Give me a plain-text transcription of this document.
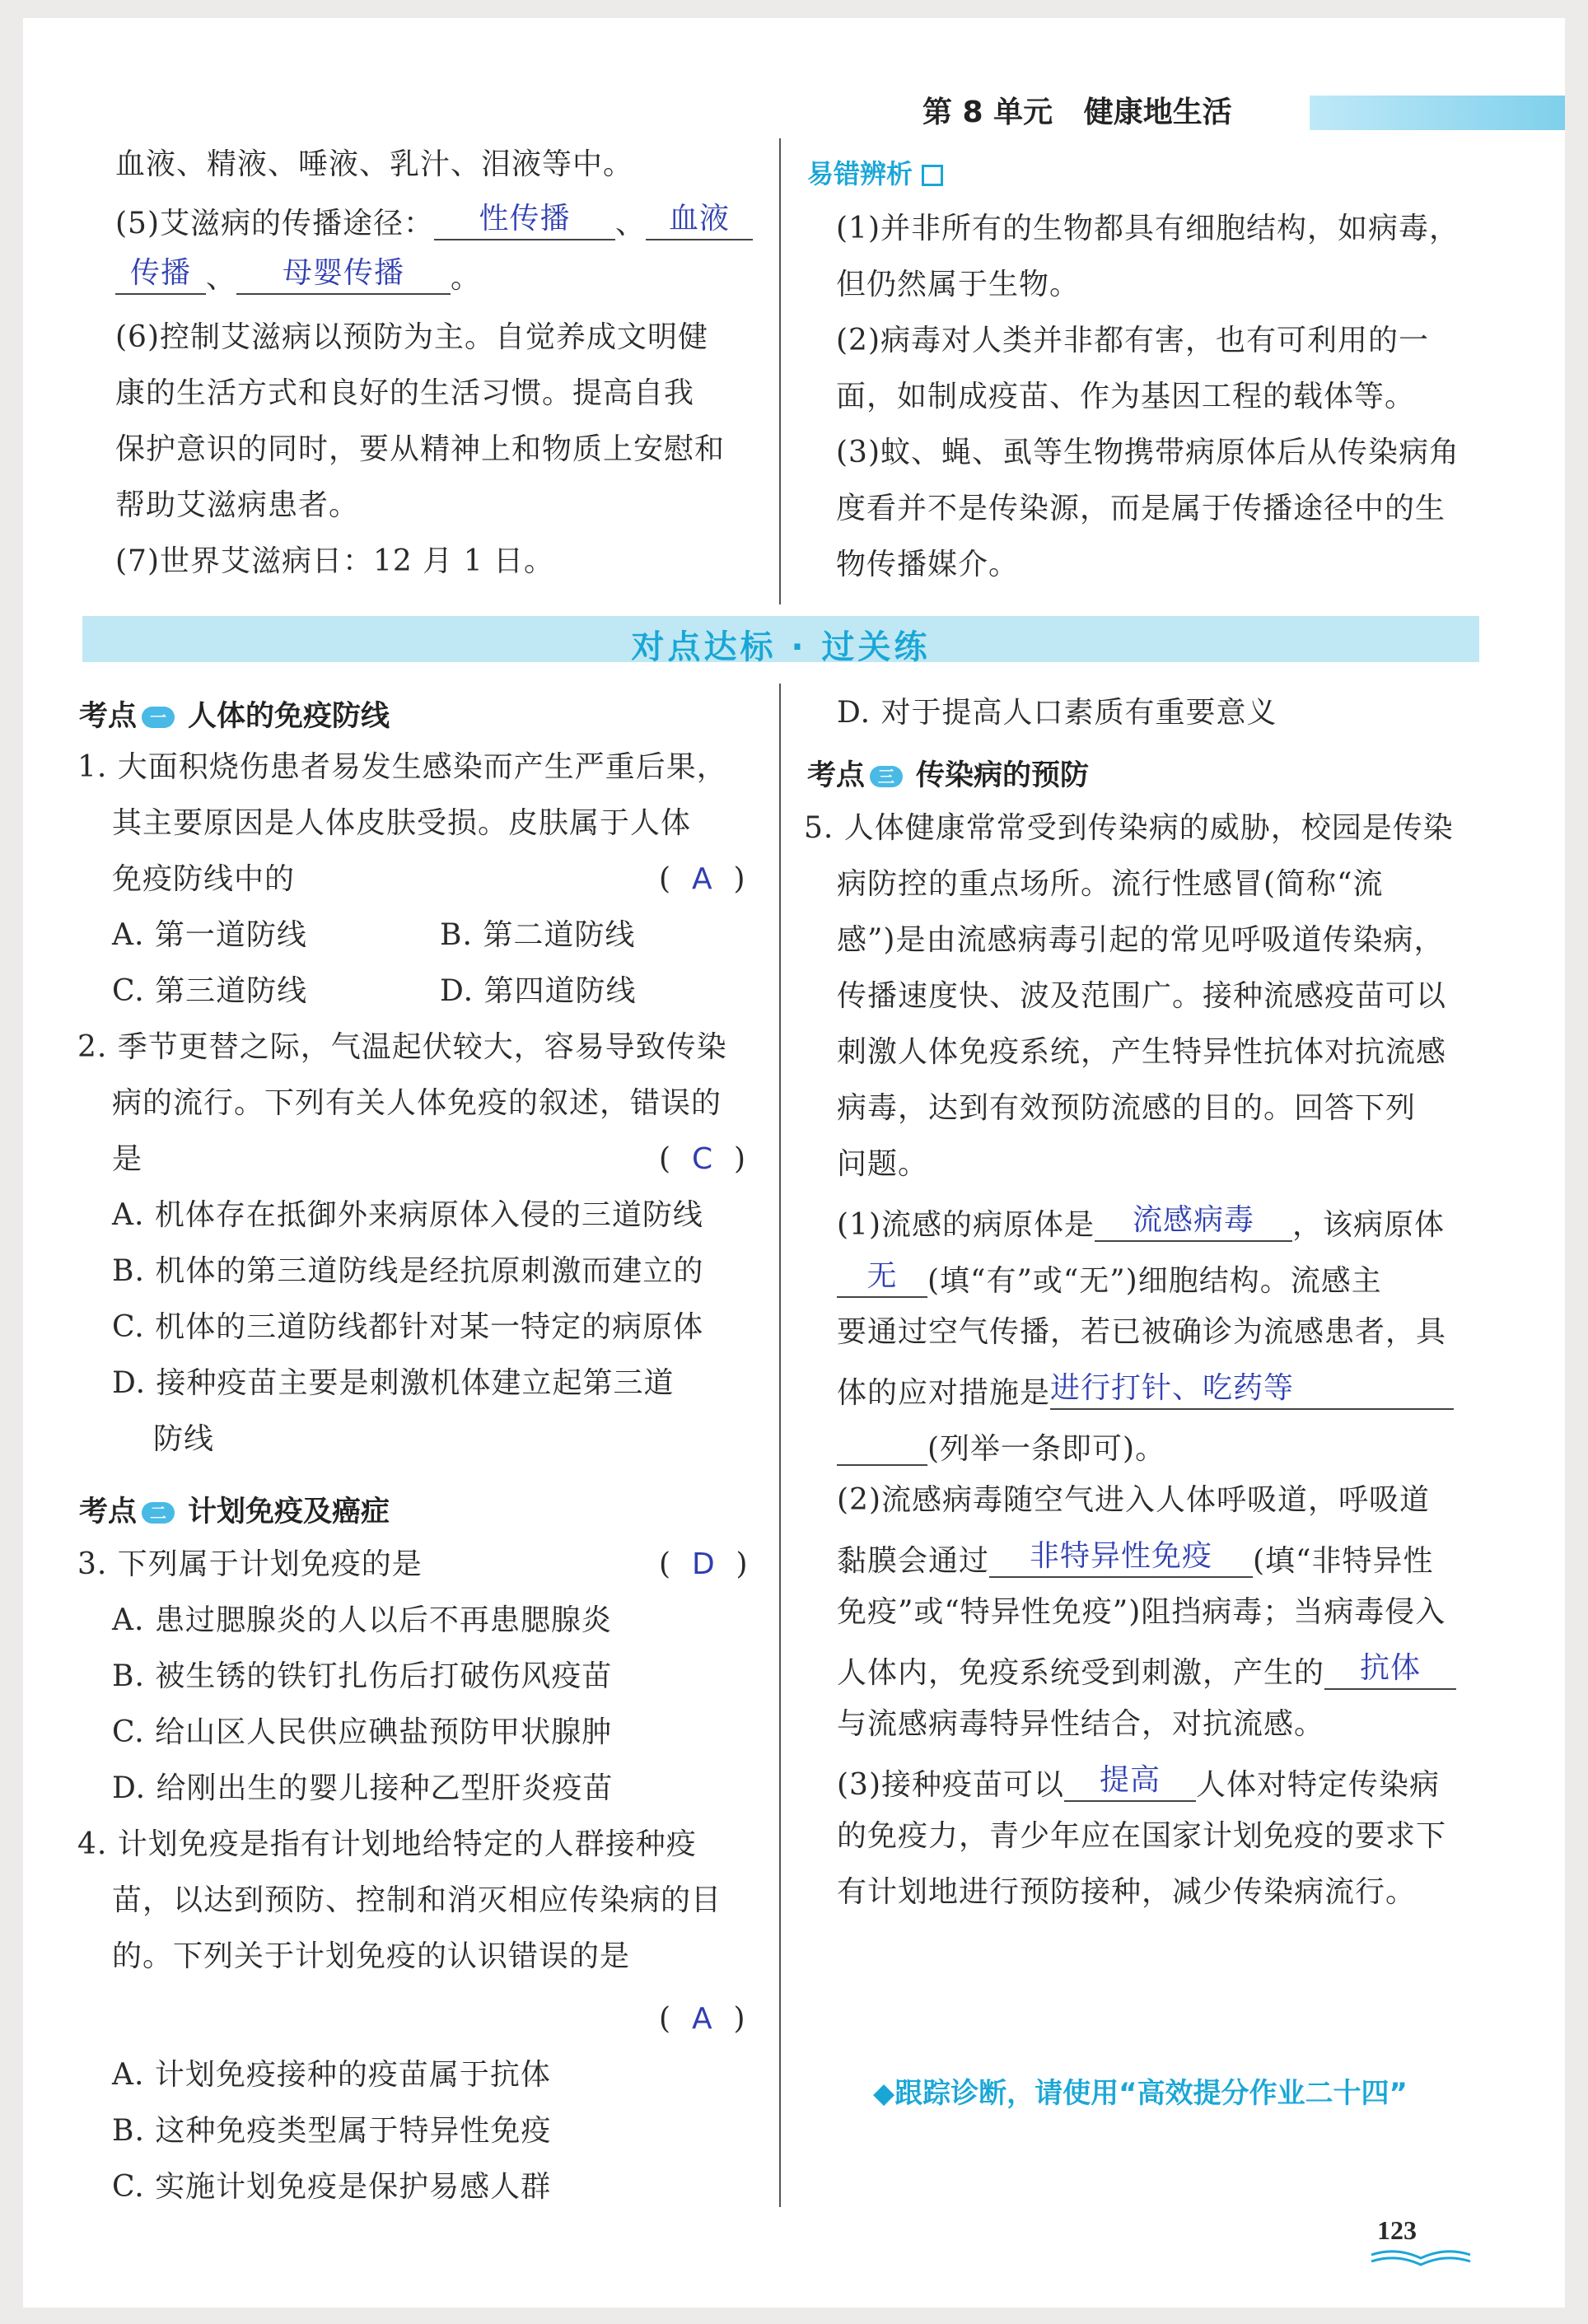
第 8 单元 健康地生活
血液、精液、唾液、乳汁、泪液等中。
(5)艾滋病的传播途径： 性传播 、 血液
传播 、 母婴传播 。
(6)控制艾滋病以预防为主。自觉养成文明健
康的生活方式和良好的生活习惯。提高自我
保护意识的同时，要从精神上和物质上安慰和
帮助艾滋病患者。
(7)世界艾滋病日：12 月 1 日。
易错辨析
(1)并非所有的生物都具有细胞结构，如病毒，
但仍然属于生物。
(2)病毒对人类并非都有害，也有可利用的一
面，如制成疫苗、作为基因工程的载体等。
(3)蚊、蝇、虱等生物携带病原体后从传染病角
度看并不是传染源，而是属于传播途径中的生
物传播媒介。
对点达标 · 过关练
考点 一 人体的免疫防线
1. 大面积烧伤患者易发生感染而产生严重后果，
其主要原因是人体皮肤受损。皮肤属于人体
免疫防线中的	(  A  )
A. 第一道防线	B. 第二道防线
C. 第三道防线	D. 第四道防线
2. 季节更替之际，气温起伏较大，容易导致传染
病的流行。下列有关人体免疫的叙述，错误的
是	(  C  )
A. 机体存在抵御外来病原体入侵的三道防线
B. 机体的第三道防线是经抗原刺激而建立的
C. 机体的三道防线都针对某一特定的病原体
D. 接种疫苗主要是刺激机体建立起第三道
防线
考点 二 计划免疫及癌症
3. 下列属于计划免疫的是	(  D  )
A. 患过腮腺炎的人以后不再患腮腺炎
B. 被生锈的铁钉扎伤后打破伤风疫苗
C. 给山区人民供应碘盐预防甲状腺肿
D. 给刚出生的婴儿接种乙型肝炎疫苗
4. 计划免疫是指有计划地给特定的人群接种疫
苗，以达到预防、控制和消灭相应传染病的目
的。下列关于计划免疫的认识错误的是
(  A  )
A. 计划免疫接种的疫苗属于抗体
B. 这种免疫类型属于特异性免疫
C. 实施计划免疫是保护易感人群
D. 对于提高人口素质有重要意义
考点 三 传染病的预防
5. 人体健康常常受到传染病的威胁，校园是传染
病防控的重点场所。流行性感冒(简称“流
感”)是由流感病毒引起的常见呼吸道传染病，
传播速度快、波及范围广。接种流感疫苗可以
刺激人体免疫系统，产生特异性抗体对抗流感
病毒，达到有效预防流感的目的。回答下列
问题。
(1)流感的病原体是 流感病毒 ，该病原体
无 (填“有”或“无”)细胞结构。流感主
要通过空气传播，若已被确诊为流感患者，具
体的应对措施是进行打针、吃药等
(列举一条即可)。
(2)流感病毒随空气进入人体呼吸道，呼吸道
黏膜会通过 非特异性免疫 (填“非特异性
免疫”或“特异性免疫”)阻挡病毒；当病毒侵入
人体内，免疫系统受到刺激，产生的 抗体
与流感病毒特异性结合，对抗流感。
(3)接种疫苗可以 提高 人体对特定传染病
的免疫力，青少年应在国家计划免疫的要求下
有计划地进行预防接种，减少传染病流行。
◆跟踪诊断，请使用“高效提分作业二十四”
123
